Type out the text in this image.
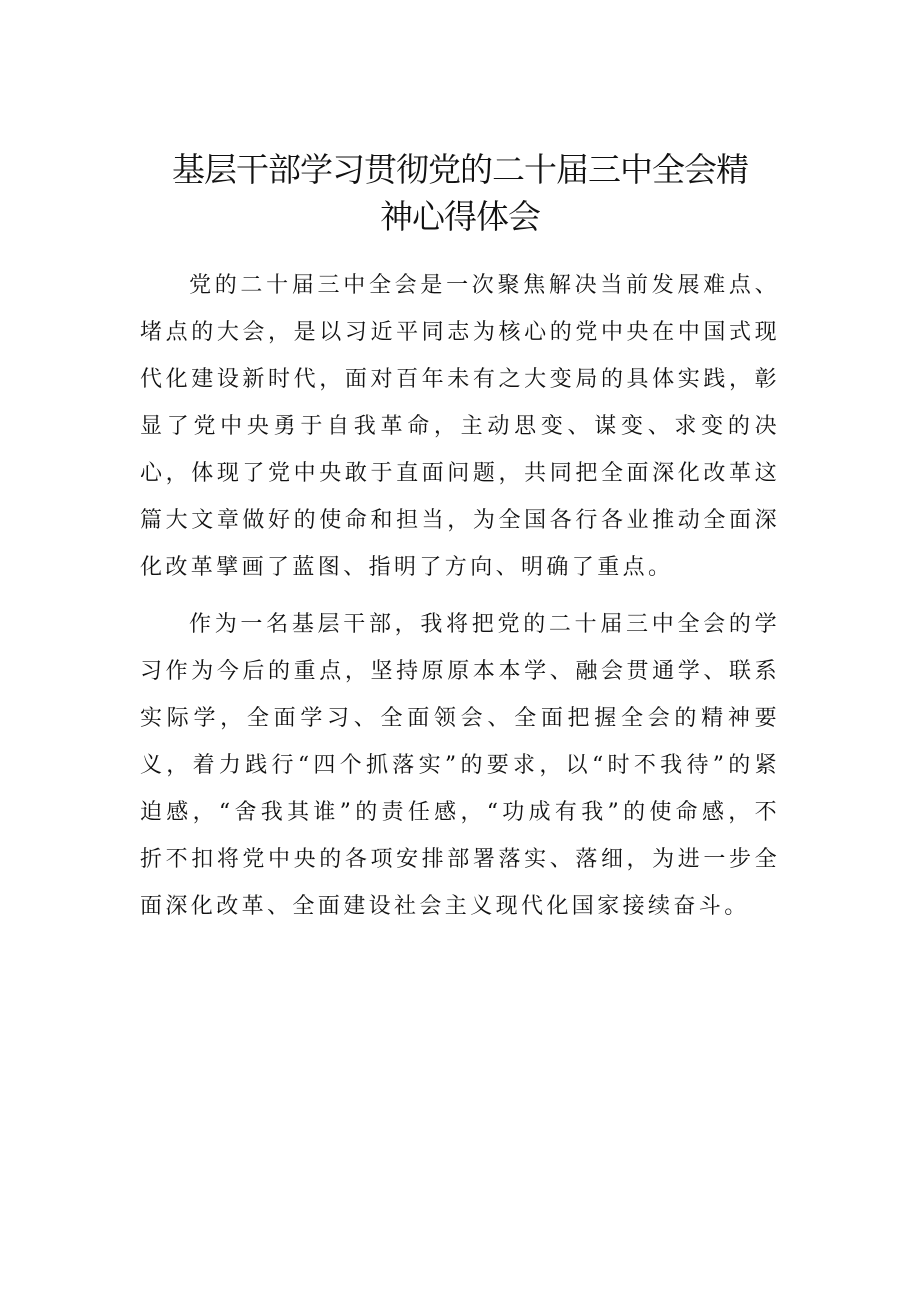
基层干部学习贯彻党的二十届三中全会精
神心得体会

党的二十届三中全会是一次聚焦解决当前发展难点、堵点的大会，是以习近平同志为核心的党中央在中国式现代化建设新时代，面对百年未有之大变局的具体实践，彰显了党中央勇于自我革命，主动思变、谋变、求变的决心，体现了党中央敢于直面问题，共同把全面深化改革这篇大文章做好的使命和担当，为全国各行各业推动全面深化改革擘画了蓝图、指明了方向、明确了重点。

作为一名基层干部，我将把党的二十届三中全会的学习作为今后的重点，坚持原原本本学、融会贯通学、联系实际学，全面学习、全面领会、全面把握全会的精神要义，着力践行“四个抓落实”的要求，以“时不我待”的紧迫感，“舍我其谁”的责任感，“功成有我”的使命感，不折不扣将党中央的各项安排部署落实、落细，为进一步全面深化改革、全面建设社会主义现代化国家接续奋斗。
